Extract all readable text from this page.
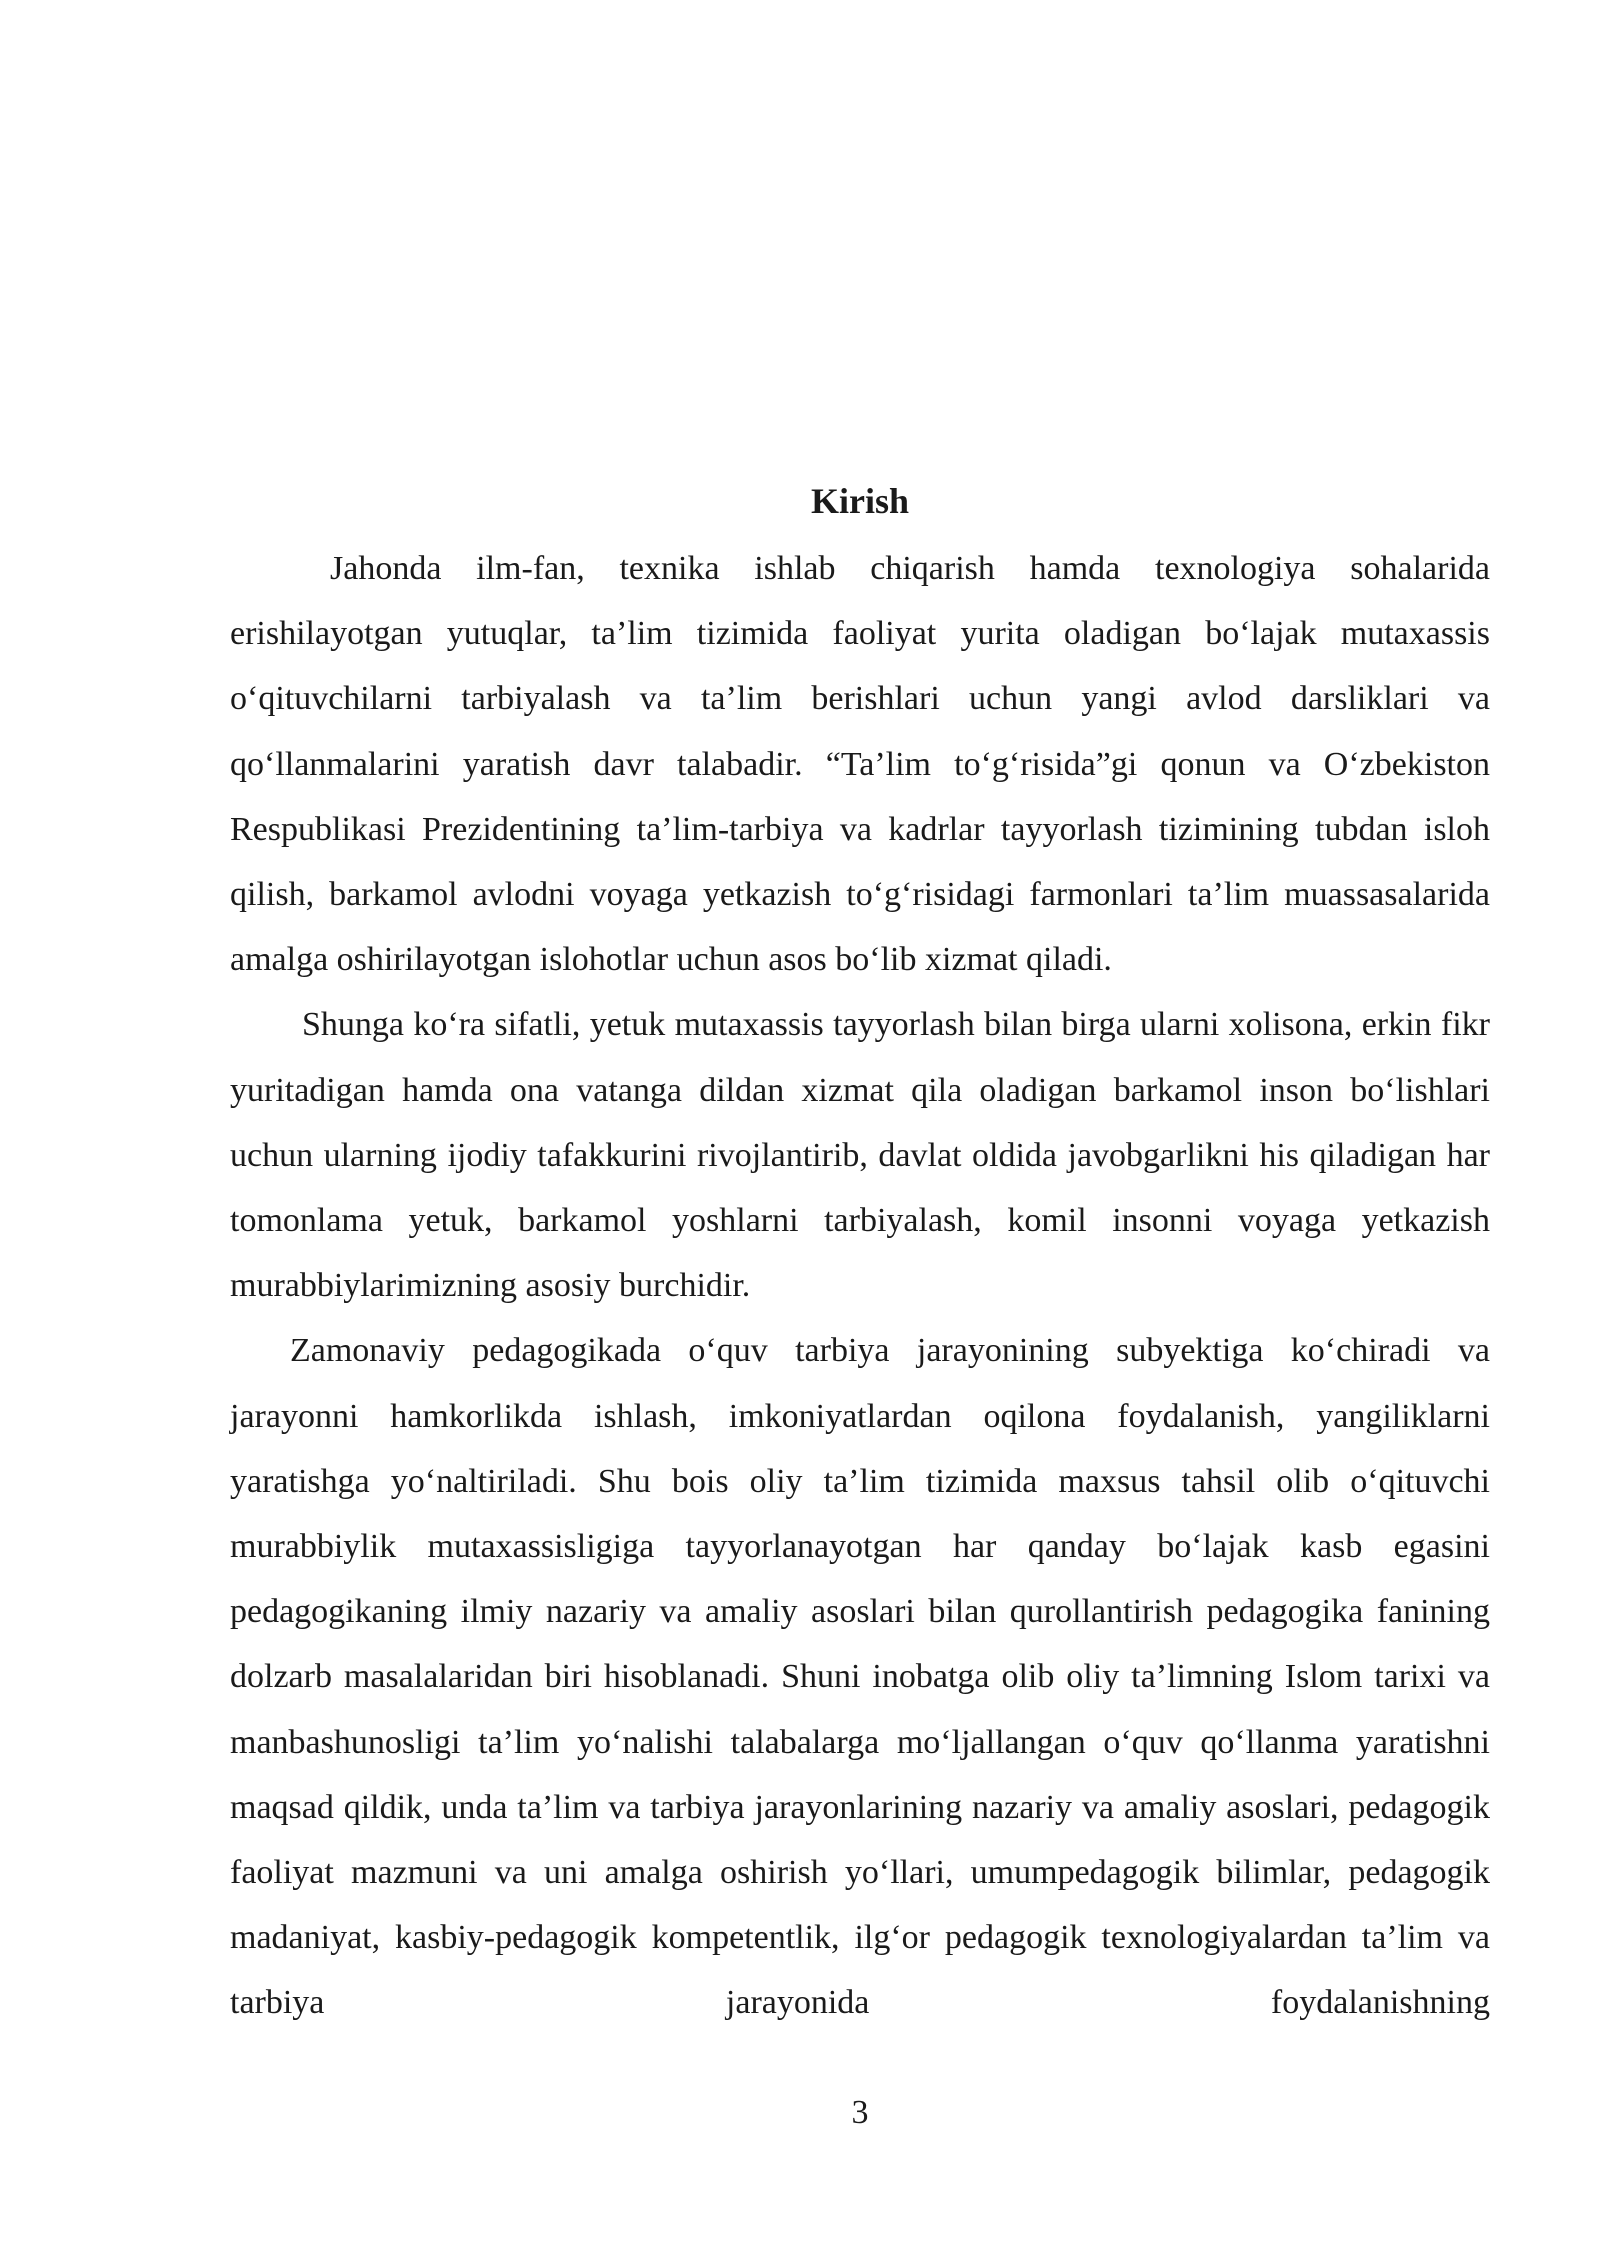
Kirish

Jahonda ilm-fan, texnika ishlab chiqarish hamda texnologiya sohalarida erishilayotgan yutuqlar, ta’lim tizimida faoliyat yurita oladigan bo‘lajak mutaxassis o‘qituvchilarni tarbiyalash va ta’lim berishlari uchun yangi avlod darsliklari va qo‘llanmalarini yaratish davr talabadir. “Ta’lim to‘g‘risida”gi qonun va O‘zbekiston Respublikasi Prezidentining ta’lim-tarbiya va kadrlar tayyorlash tizimining tubdan isloh qilish, barkamol avlodni voyaga yetkazish to‘g‘risidagi farmonlari ta’lim muassasalarida amalga oshirilayotgan islohotlar uchun asos bo‘lib xizmat qiladi.

Shunga ko‘ra sifatli, yetuk mutaxassis tayyorlash bilan birga ularni xolisona, erkin fikr yuritadigan hamda ona vatanga dildan xizmat qila oladigan barkamol inson bo‘lishlari uchun ularning ijodiy tafakkurini rivojlantirib, davlat oldida javobgarlikni his qiladigan har tomonlama yetuk, barkamol yoshlarni tarbiyalash, komil insonni voyaga yetkazish murabbiylarimizning asosiy burchidir.

Zamonaviy pedagogikada o‘quv tarbiya jarayonining subyektiga ko‘chiradi va jarayonni hamkorlikda ishlash, imkoniyatlardan oqilona foydalanish, yangiliklarni yaratishga yo‘naltiriladi. Shu bois oliy ta’lim tizimida maxsus tahsil olib o‘qituvchi murabbiylik mutaxassisligiga tayyorlanayotgan har qanday bo‘lajak kasb egasini pedagogikaning ilmiy nazariy va amaliy asoslari bilan qurollantirish pedagogika fanining dolzarb masalalaridan biri hisoblanadi. Shuni inobatga olib oliy ta’limning Islom tarixi va manbashunosligi ta’lim yo‘nalishi talabalarga mo‘ljallangan o‘quv qo‘llanma yaratishni maqsad qildik, unda ta’lim va tarbiya jarayonlarining nazariy va amaliy asoslari, pedagogik faoliyat mazmuni va uni amalga oshirish yo‘llari, umumpedagogik bilimlar, pedagogik madaniyat, kasbiy-pedagogik kompetentlik, ilg‘or pedagogik texnologiyalardan ta’lim va tarbiya jarayonida foydalanishning

3
